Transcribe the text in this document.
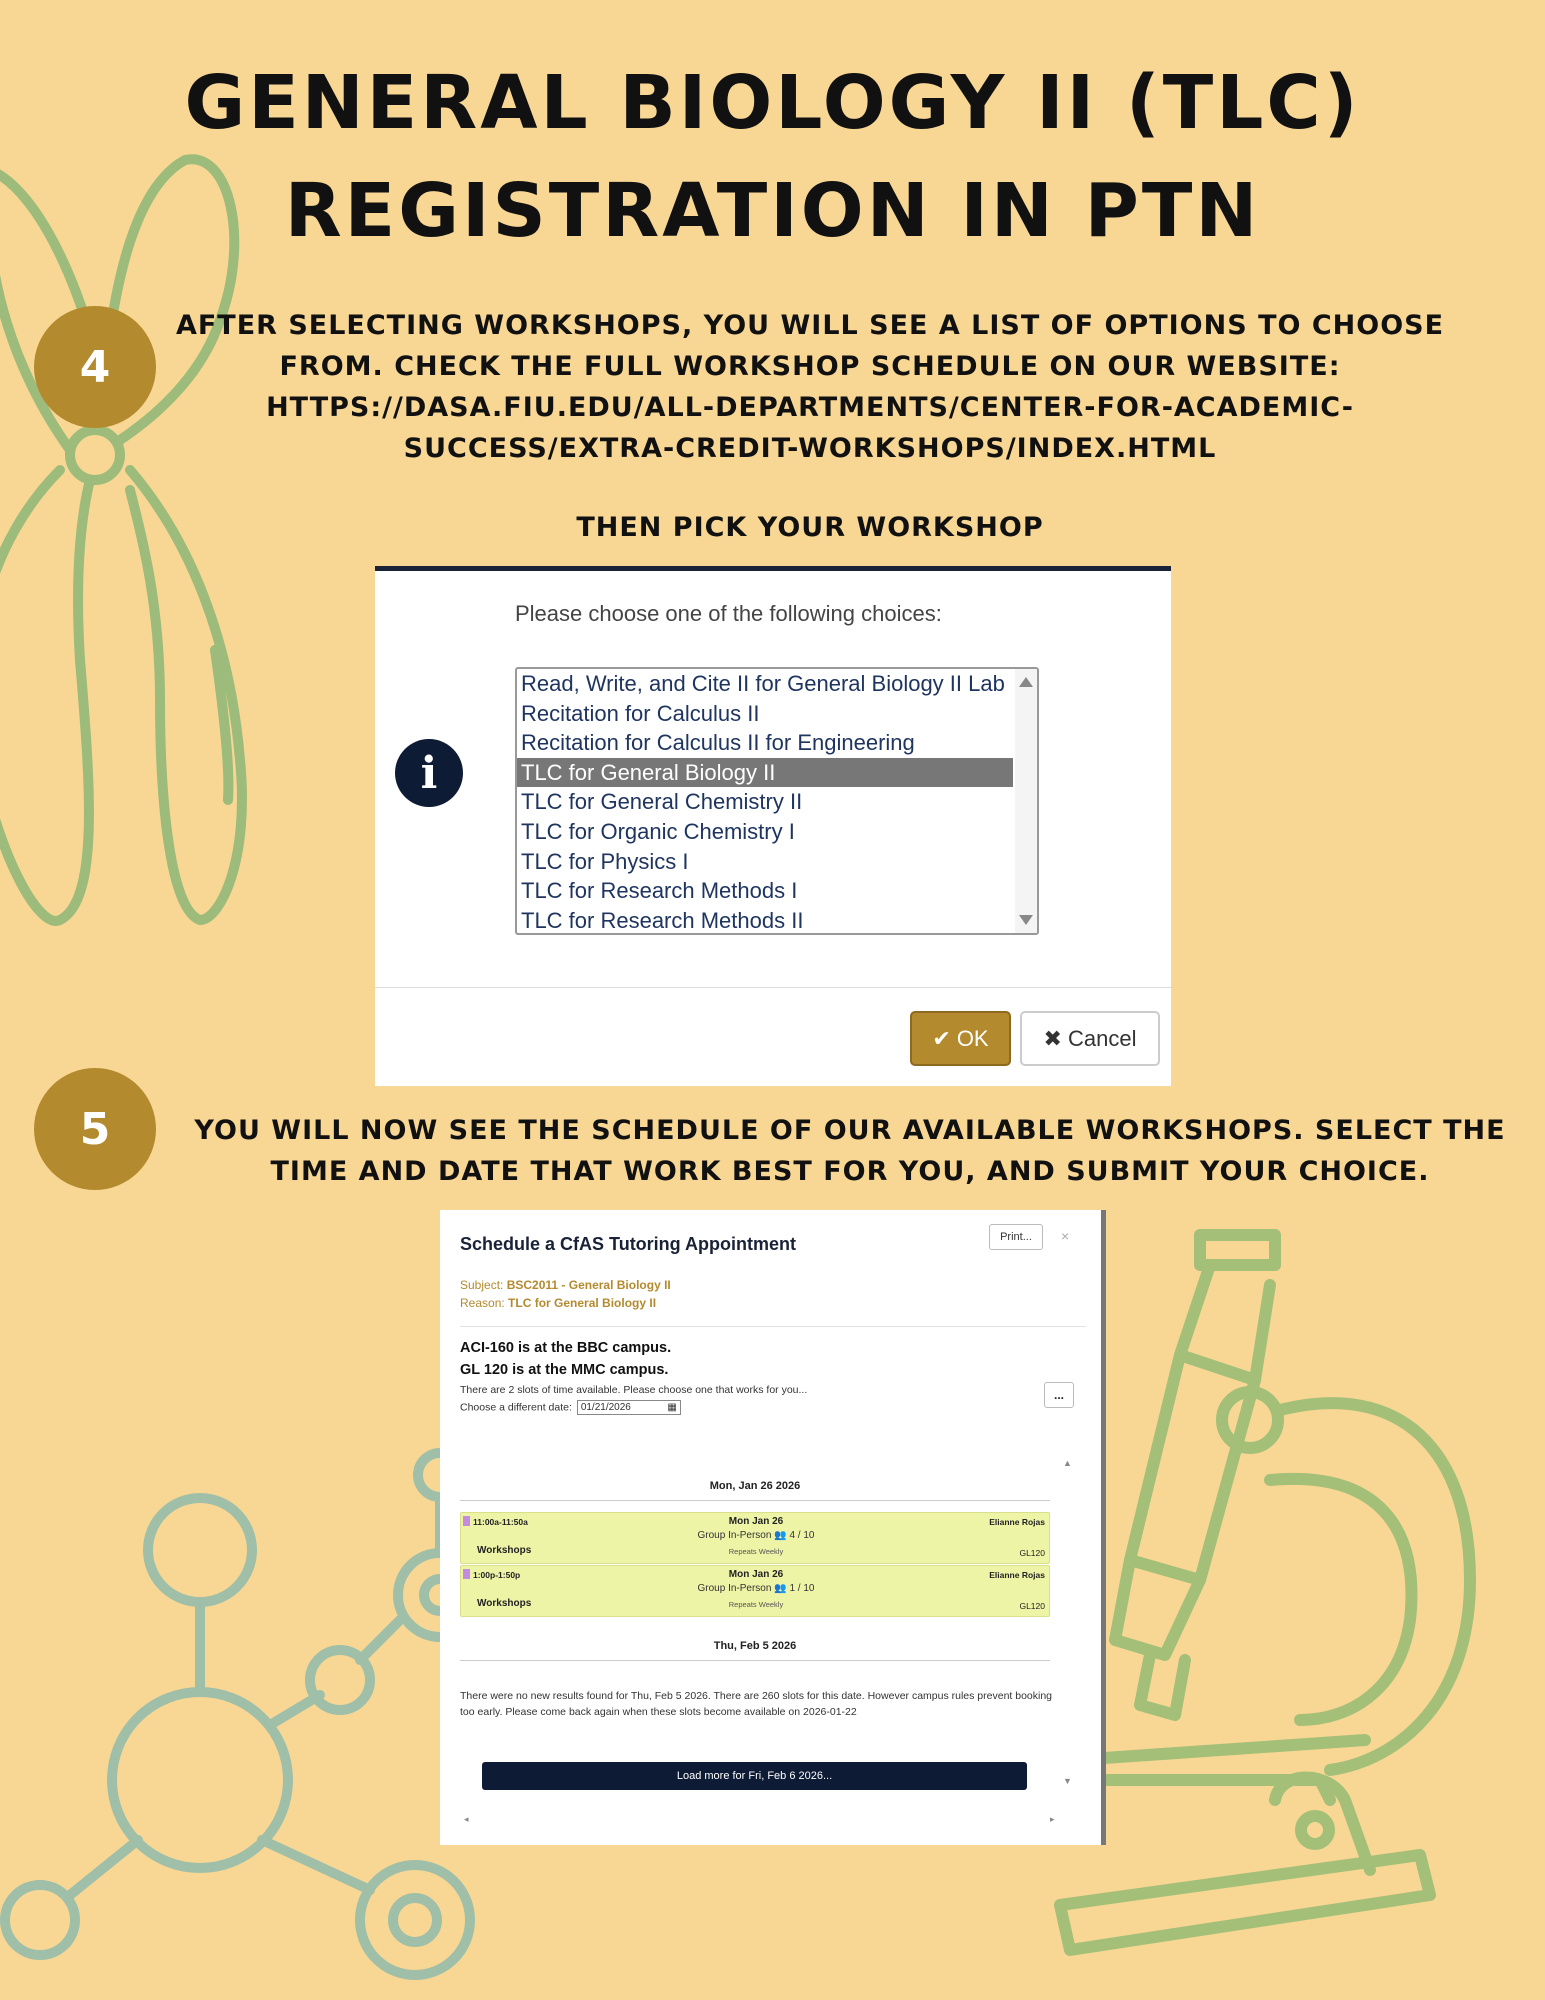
GENERAL BIOLOGY II (TLC)
REGISTRATION IN PTN
4
AFTER SELECTING WORKSHOPS, YOU WILL SEE A LIST OF OPTIONS TO CHOOSE
FROM. CHECK THE FULL WORKSHOP SCHEDULE ON OUR WEBSITE:
HTTPS://DASA.FIU.EDU/ALL-DEPARTMENTS/CENTER-FOR-ACADEMIC-
SUCCESS/EXTRA-CREDIT-WORKSHOPS/INDEX.HTML
THEN PICK YOUR WORKSHOP
Please choose one of the following choices:
i
Read, Write, and Cite II for General Biology II Lab
Recitation for Calculus II
Recitation for Calculus II for Engineering
TLC for General Biology II
TLC for General Chemistry II
TLC for Organic Chemistry I
TLC for Physics I
TLC for Research Methods I
TLC for Research Methods II
✔ OK ✖ Cancel
5	YOU WILL NOW SEE THE SCHEDULE OF OUR AVAILABLE WORKSHOPS. SELECT THE
TIME AND DATE THAT WORK BEST FOR YOU, AND SUBMIT YOUR CHOICE.
Schedule a CfAS Tutoring Appointment	Print...	×
Subject: BSC2011 - General Biology II
Reason: TLC for General Biology II
ACI-160 is at the BBC campus.
GL 120 is at the MMC campus.
There are 2 slots of time available. Please choose one that works for you...
Choose a different date: 01/21/2026	▦
...
▲
Mon, Jan 26 2026
11:00a-11:50a	Mon Jan 26
Group In-Person 👥 4 / 10
Repeats Weekly
Workshops
Elianne Rojas
GL120
1:00p-1:50p	Mon Jan 26
Group In-Person 👥 1 / 10
Repeats Weekly
Workshops
Elianne Rojas
GL120
Thu, Feb 5 2026
There were no new results found for Thu, Feb 5 2026. There are 260 slots for this date. However campus rules prevent booking too early. Please come back again when these slots become available on 2026-01-22
▼
Load more for Fri, Feb 6 2026...
◂	▸
